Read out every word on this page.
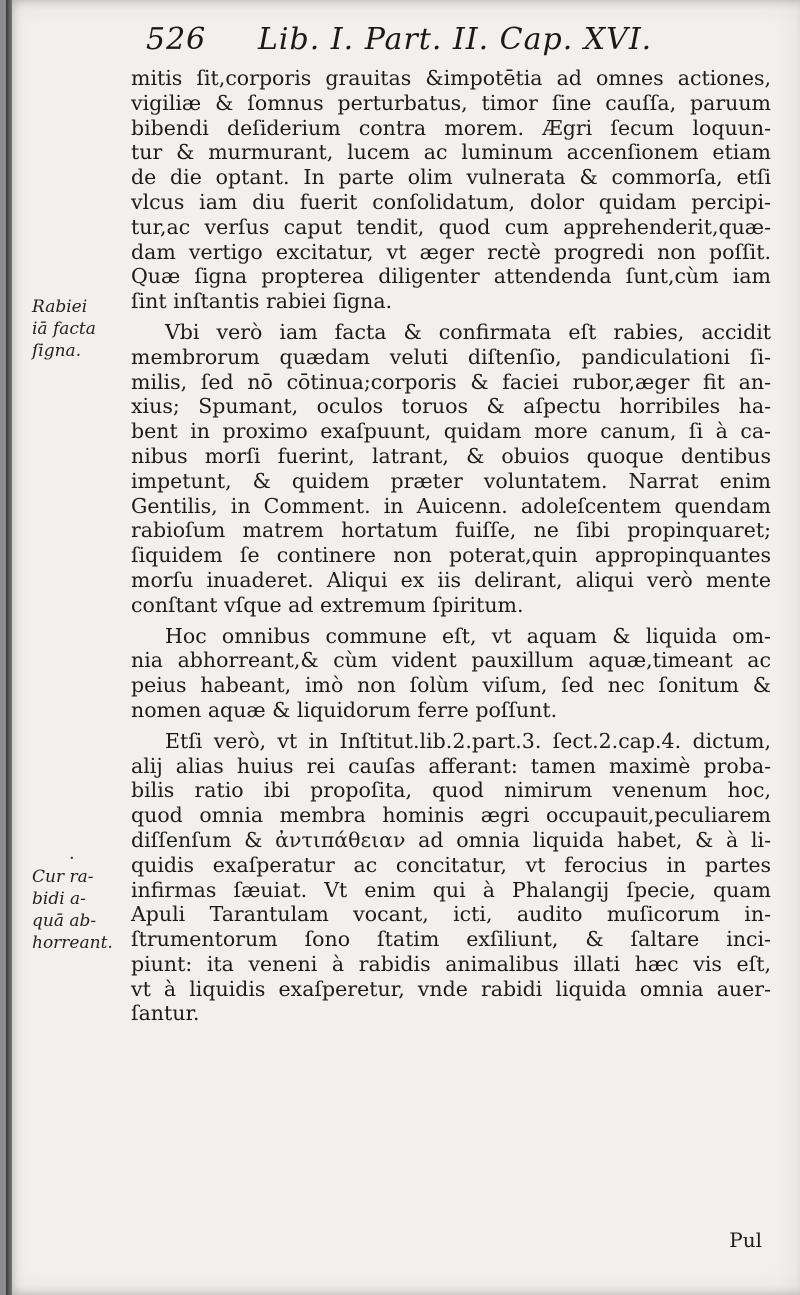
526 Lib. I. Part. II. Cap. XVI.
Rabiei
iā facta
ſigna.
·
Cur ra-
bidi a-
quā ab-
horreant.
mitis ſit,corporis grauitas &impotētia ad omnes actiones,
vigiliæ & ſomnus perturbatus, timor ſine cauſſa, paruum
bibendi deſiderium contra morem. Ægri ſecum loquun-
tur & murmurant, lucem ac luminum accenſionem etiam
de die optant. In parte olim vulnerata & commorſa, etſi
vlcus iam diu fuerit conſolidatum, dolor quidam percipi-
tur,ac verſus caput tendit, quod cum apprehenderit,quæ-
dam vertigo excitatur, vt æger rectè progredi non poſſit.
Quæ ſigna propterea diligenter attendenda ſunt,cùm iam
ſint inſtantis rabiei ſigna.
Vbi verò iam facta & confirmata eſt rabies, accidit
membrorum quædam veluti diſtenſio, pandiculationi ſi-
milis, ſed nō cōtinua;corporis & faciei rubor,æger fit an-
xius; Spumant, oculos toruos & aſpectu horribiles ha-
bent in proximo exaſpuunt, quidam more canum, ſi à ca-
nibus morſi fuerint, latrant, & obuios quoque dentibus
impetunt, & quidem præter voluntatem. Narrat enim
Gentilis, in Comment. in Auicenn. adoleſcentem quendam
rabioſum matrem hortatum fuiſſe, ne ſibi propinquaret;
ſiquidem ſe continere non poterat,quin appropinquantes
morſu inuaderet. Aliqui ex iis delirant, aliqui verò mente
conſtant vſque ad extremum ſpiritum.
Hoc omnibus commune eſt, vt aquam & liquida om-
nia abhorreant,& cùm vident pauxillum aquæ,timeant ac
peius habeant, imò non ſolùm viſum, ſed nec ſonitum &
nomen aquæ & liquidorum ferre poſſunt.
Etſi verò, vt in Inſtitut.lib.2.part.3. ſect.2.cap.4. dictum,
alij alias huius rei cauſas afferant: tamen maximè proba-
bilis ratio ibi propoſita, quod nimirum venenum hoc,
quod omnia membra hominis ægri occupauit,peculiarem
diſſenſum & ἀντιπάθειαν ad omnia liquida habet, & à li-
quidis exaſperatur ac concitatur, vt ferocius in partes
infirmas ſæuiat. Vt enim qui à Phalangij ſpecie, quam
Apuli Tarantulam vocant, icti, audito muſicorum in-
ſtrumentorum ſono ſtatim exſiliunt, & ſaltare inci-
piunt: ita veneni à rabidis animalibus illati hæc vis eſt,
vt à liquidis exaſperetur, vnde rabidi liquida omnia auer-
ſantur.
Pul
